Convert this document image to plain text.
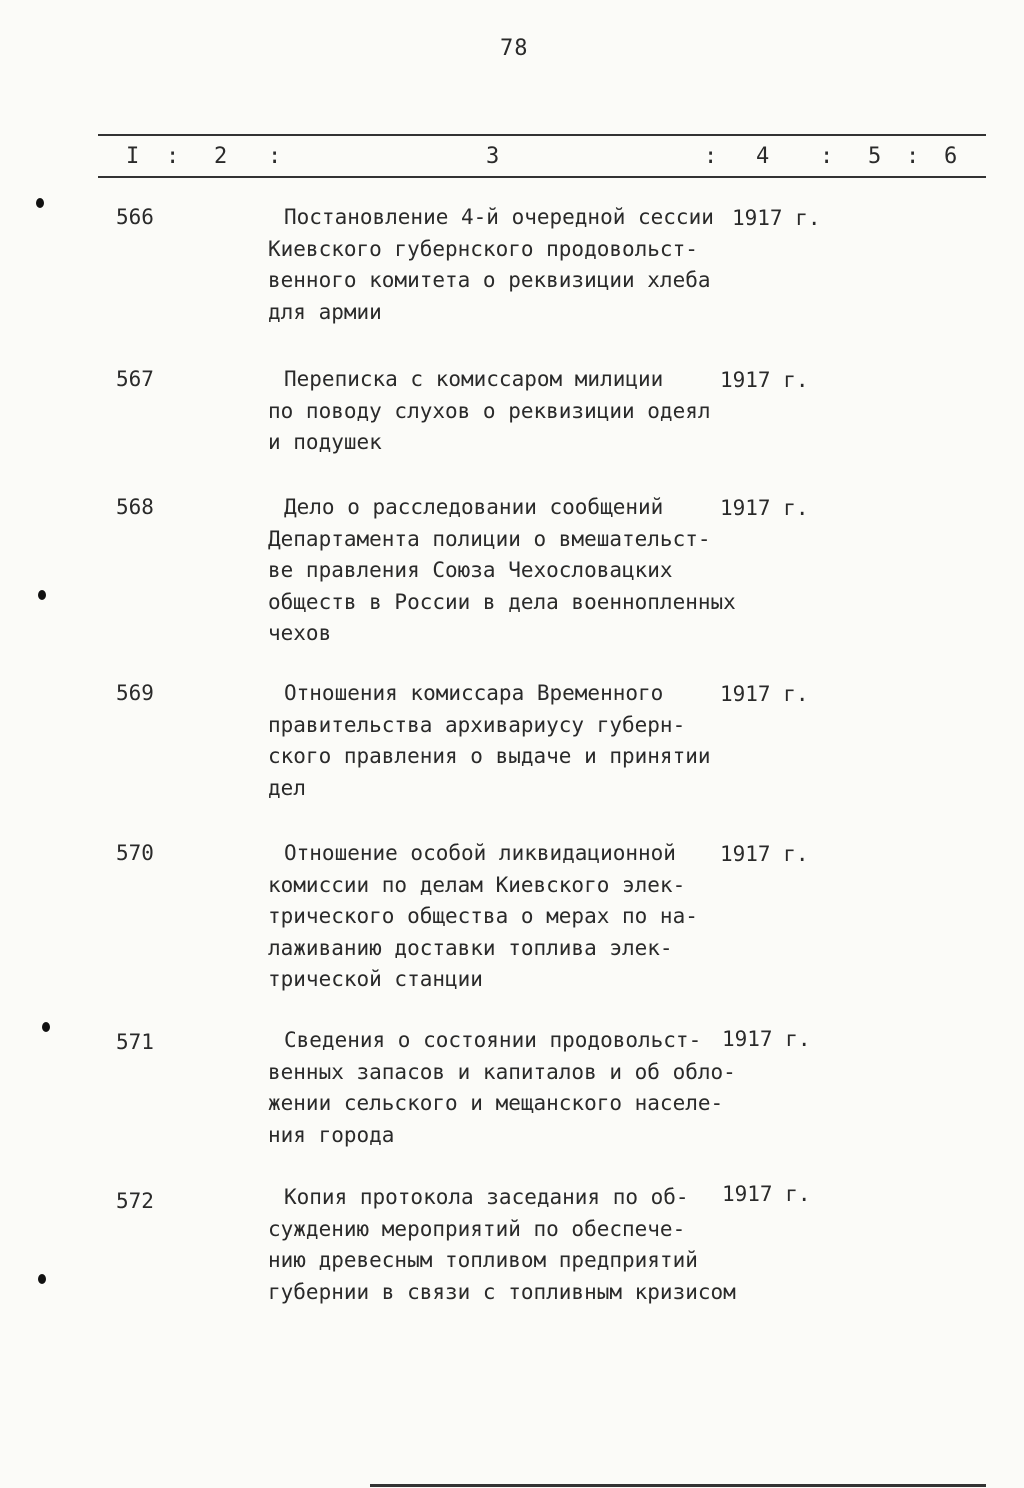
78
I : 2 :	3	: 4 : 5 : 6
566	Постановление 4-й очередной сессии
Киевского губернского продовольст-
венного комитета о реквизиции хлеба
для армии
1917 г.
567	Переписка с комиссаром милиции
по поводу слухов о реквизиции одеял
и подушек
1917 г.
568	Дело о расследовании сообщений
Департамента полиции о вмешательст-
ве правления Союза Чехословацких
обществ в России в дела военнопленных
чехов
1917 г.
569	Отношения комиссара Временного
правительства архивариусу губерн-
ского правления о выдаче и принятии
дел
1917 г.
570	Отношение особой ликвидационной
комиссии по делам Киевского элек-
трического общества о мерах по на-
лаживанию доставки топлива элек-
трической станции
1917 г.
571	Сведения о состоянии продовольст-
венных запасов и капиталов и об обло-
жении сельского и мещанского населе-
ния города
1917 г.
572	Копия протокола заседания по об-
суждению мероприятий по обеспече-
нию древесным топливом предприятий
губернии в связи с топливным кризисом
1917 г.
